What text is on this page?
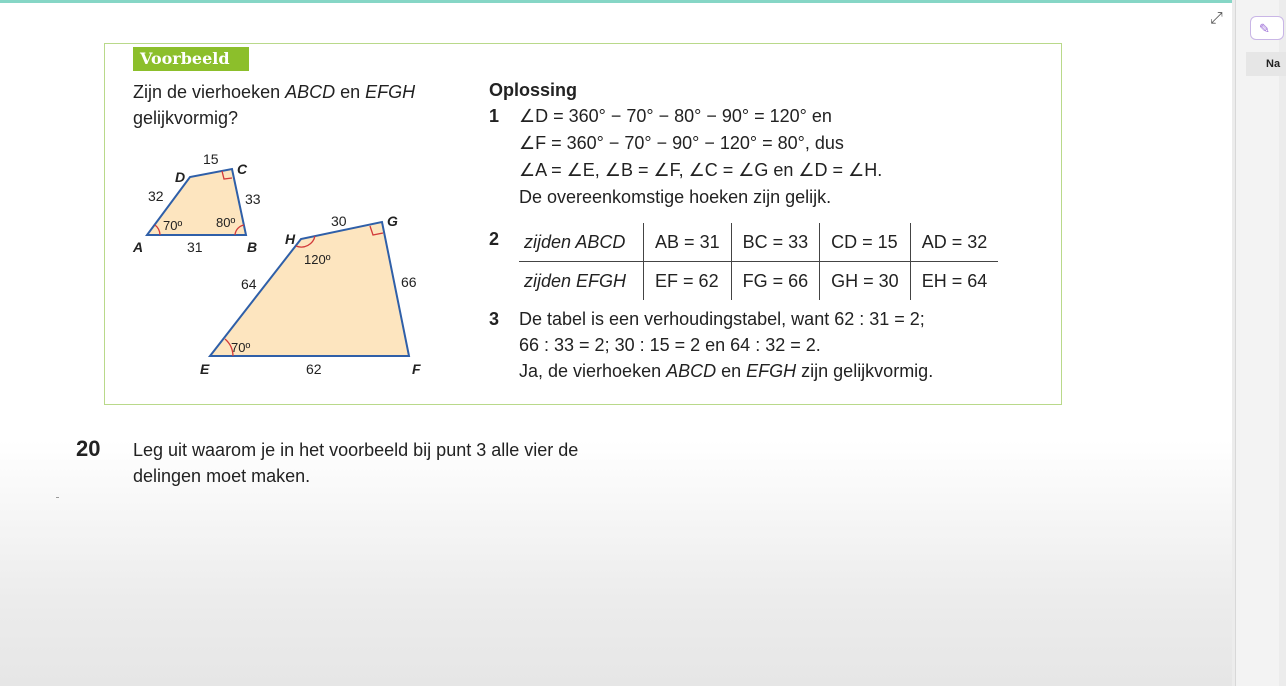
⤢
Voorbeeld
Zijn de vierhoeken ABCD en EFGH
gelijkvormig?
A	B
C
D
31
33
15
32
70º	80º
E	F
G
H
62
66
30
64
70º
120º
Oplossing
1 ∠D = 360° − 70° − 80° − 90° = 120° en
∠F = 360° − 70° − 90° − 120° = 80°, dus
∠A = ∠E, ∠B = ∠F, ∠C = ∠G en ∠D = ∠H.
De overeenkomstige hoeken zijn gelijk.
2 zijden ABCD	AB = 31	BC = 33	CD = 15	AD = 32
zijden EFGH	EF = 62	FG = 66	GH = 30	EH = 64
3 De tabel is een verhoudingstabel, want 62 : 31 = 2;
66 : 33 = 2; 30 : 15 = 2 en 64 : 32 = 2.
Ja, de vierhoeken ABCD en EFGH zijn gelijkvormig.
20 Leg uit waarom je in het voorbeeld bij punt 3 alle vier de
delingen moet maken.
✎
Na
